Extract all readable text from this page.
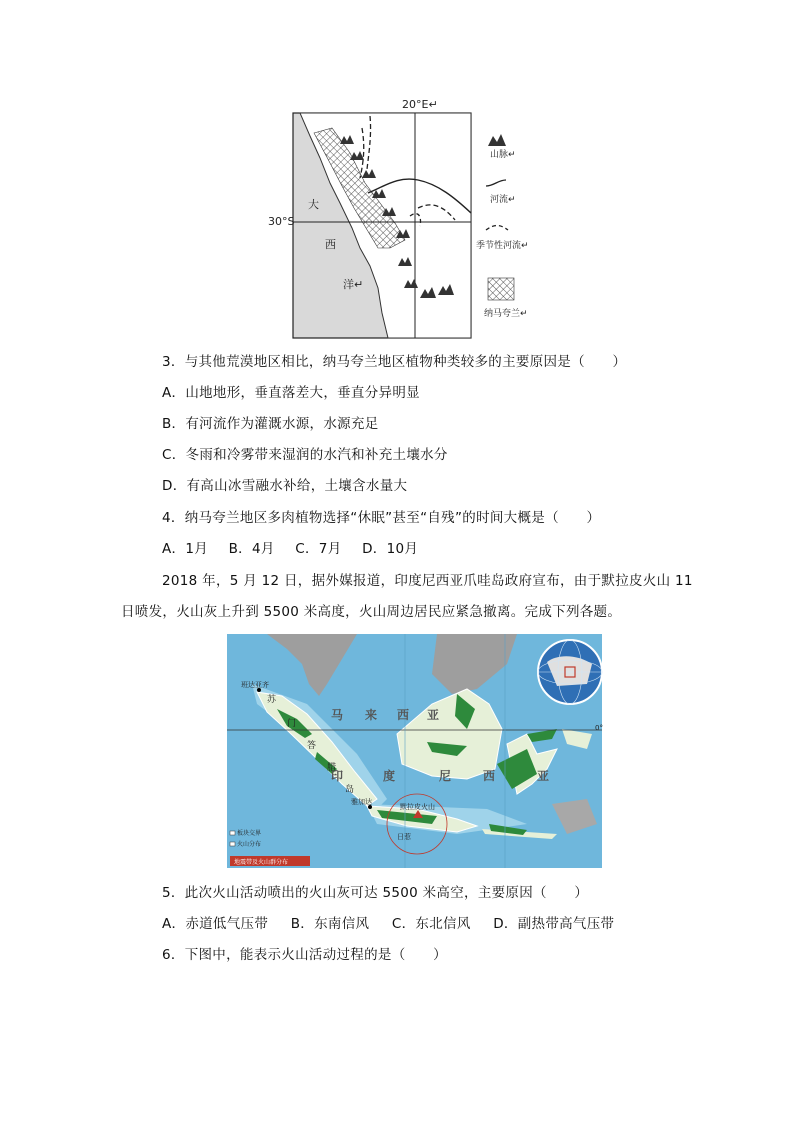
20°E↵
30°S
大
西
洋↵
山脉↵
河流↵
季节性河流↵
纳马夸兰↵
3．与其他荒漠地区相比，纳马夸兰地区植物种类较多的主要原因是（　　）
A．山地地形，垂直落差大，垂直分异明显
B．有河流作为灌溉水源，水源充足
C．冬雨和冷雾带来湿润的水汽和补充土壤水分
D．有高山冰雪融水补给，土壤含水量大
4．纳马夸兰地区多肉植物选择“休眠”甚至“自残”的时间大概是（　　）
A．1月 B．4月 C．7月 D．10月
2018 年，5 月 12 日，据外媒报道，印度尼西亚爪哇岛政府宣布，由于默拉皮火山 11
日喷发，火山灰上升到 5500 米高度，火山周边居民应紧急撤离。完成下列各题。
班达亚齐
0°
马 来 西 亚
苏
门
答
腊
岛
印	度	尼	西	亚
雅加达
默拉皮火山
日惹
板块交界
火山分布
地震带及火山群分布
5．此次火山活动喷出的火山灰可达 5500 米高空，主要原因（　　）
A．赤道低气压带 B．东南信风 C．东北信风 D．副热带高气压带
6．下图中，能表示火山活动过程的是（　　）
